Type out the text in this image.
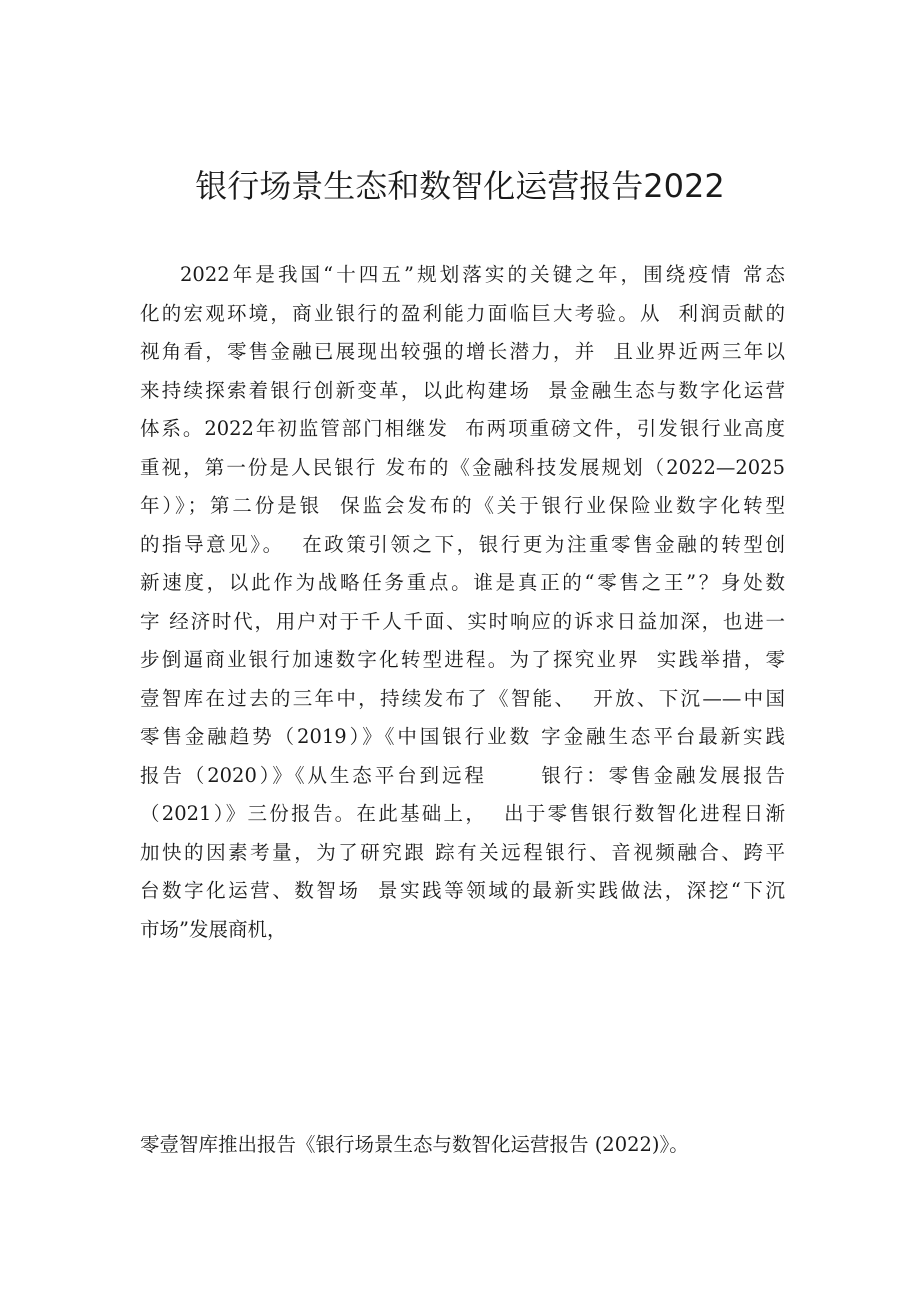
银行场景生态和数智化运营报告2022
2022年是我国“十四五”规划落实的关键之年，围绕疫情 常态
化的宏观环境，商业银行的盈利能力面临巨大考验。从  利润贡献的
视角看，零售金融已展现出较强的增长潜力，并  且业界近两三年以
来持续探索着银行创新变革，以此构建场  景金融生态与数字化运营
体系。2022年初监管部门相继发  布两项重磅文件，引发银行业高度
重视，第一份是人民银行 发布的《金融科技发展规划（2022—2025
年）》；第二份是银  保监会发布的《关于银行业保险业数字化转型
的指导意见》。  在政策引领之下，银行更为注重零售金融的转型创
新速度，以此作为战略任务重点。谁是真正的“零售之王”？身处数
字 经济时代，用户对于千人千面、实时响应的诉求日益加深，也进一
步倒逼商业银行加速数字化转型进程。为了探究业界  实践举措，零
壹智库在过去的三年中，持续发布了《智能、  开放、下沉——中国
零售金融趋势（2019）》《中国银行业数 字金融生态平台最新实践
报告（2020）》《从生态平台到远程      银行：零售金融发展报告
（2021）》三份报告。在此基础上，  出于零售银行数智化进程日渐
加快的因素考量，为了研究跟 踪有关远程银行、音视频融合、跨平
台数字化运营、数智场  景实践等领域的最新实践做法，深挖“下沉
市场”发展商机，
零壹智库推出报告《银行场景生态与数智化运营报告 (2022)》。
